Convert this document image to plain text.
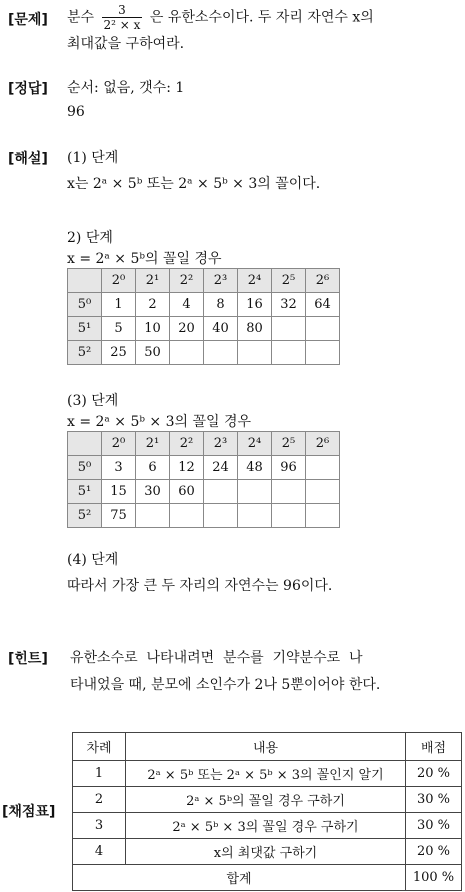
[문제] 분수 $\frac{3}{\text{2² × x}}$ 은 유한소수이다. 두 자리 자연수 x의
최대값을 구하여라.
[정답] 순서: 없음, 갯수: 1
96
[해설] (1) 단계
x는 2ᵃ × 5ᵇ 또는 2ᵃ × 5ᵇ × 3의 꼴이다.
2) 단계
x = 2ᵃ × 5ᵇ의 꼴일 경우
	2⁰	2¹	2²	2³	2⁴	2⁵	2⁶
5⁰	1	2	4	8	16	32	64
5¹	5	10	20	40	80		
5²	25	50					
(3) 단계
x = 2ᵃ × 5ᵇ × 3의 꼴일 경우
	2⁰	2¹	2²	2³	2⁴	2⁵	2⁶
5⁰	3	6	12	24	48	96	
5¹	15	30	60				
5²	75						
(4) 단계
따라서 가장 큰 두 자리의 자연수는 96이다.
[힌트] 유한소수로  나타내려면  분수를  기약분수로  나
타내었을 때, 분모에 소인수가 2나 5뿐이어야 한다.
[채점표]
차례	내용	배점
1	2ᵃ × 5ᵇ 또는 2ᵃ × 5ᵇ × 3의 꼴인지 알기	20 %
2	2ᵃ × 5ᵇ의 꼴일 경우 구하기	30 %
3	2ᵃ × 5ᵇ × 3의 꼴일 경우 구하기	30 %
4	x의 최댓값 구하기	20 %
합계		100 %
